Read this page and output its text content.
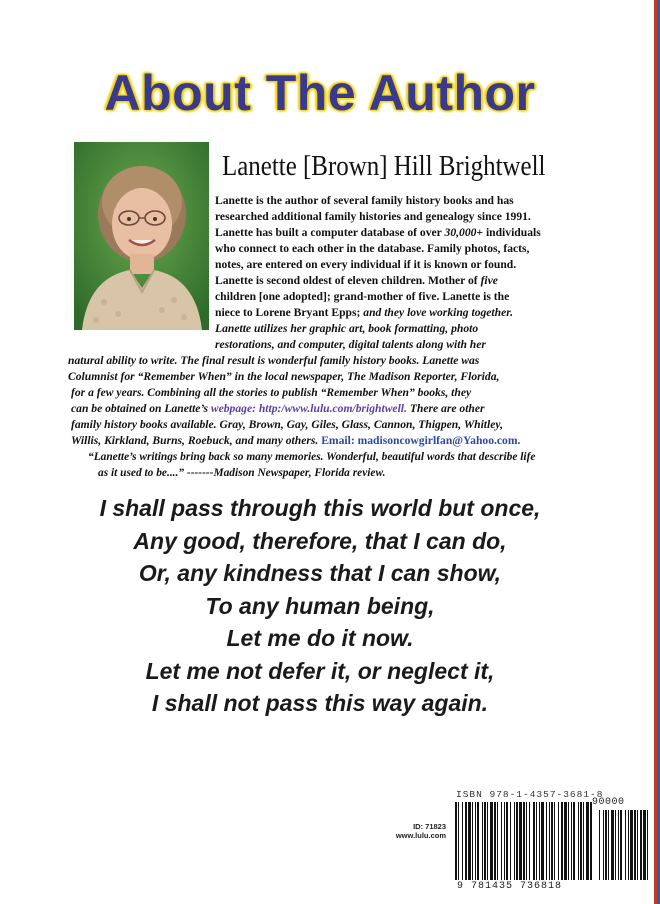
About The Author
Lanette [Brown] Hill Brightwell
Lanette is the author of several family history books and has
researched additional family histories and genealogy since 1991.
Lanette has built a computer database of over 30,000+ individuals
who connect to each other in the database. Family photos, facts,
notes, are entered on every individual if it is known or found.
Lanette is second oldest of eleven children. Mother of five
children [one adopted]; grand-mother of five. Lanette is the
niece to Lorene Bryant Epps; and they love working together.
Lanette utilizes her graphic art, book formatting, photo
restorations, and computer, digital talents along with her
natural ability to write. The final result is wonderful family history books. Lanette was
Columnist for “Remember When” in the local newspaper, The Madison Reporter, Florida,
for a few years. Combining all the stories to publish “Remember When” books, they
can be obtained on Lanette’s webpage: http:/www.lulu.com/brightwell. There are other
family history books available. Gray, Brown, Gay, Giles, Glass, Cannon, Thigpen, Whitley,
Willis, Kirkland, Burns, Roebuck, and many others. Email: madisoncowgirlfan@Yahoo.com.
“Lanette’s writings bring back so many memories. Wonderful, beautiful words that describe life
as it used to be....” -------Madison Newspaper, Florida review.
I shall pass through this world but once,
Any good, therefore, that I can do,
Or, any kindness that I can show,
To any human being,
Let me do it now.
Let me not defer it, or neglect it,
I shall not pass this way again.
ID: 71823
www.lulu.com
ISBN 978-1-4357-3681-8
90000
9 781435 736818
